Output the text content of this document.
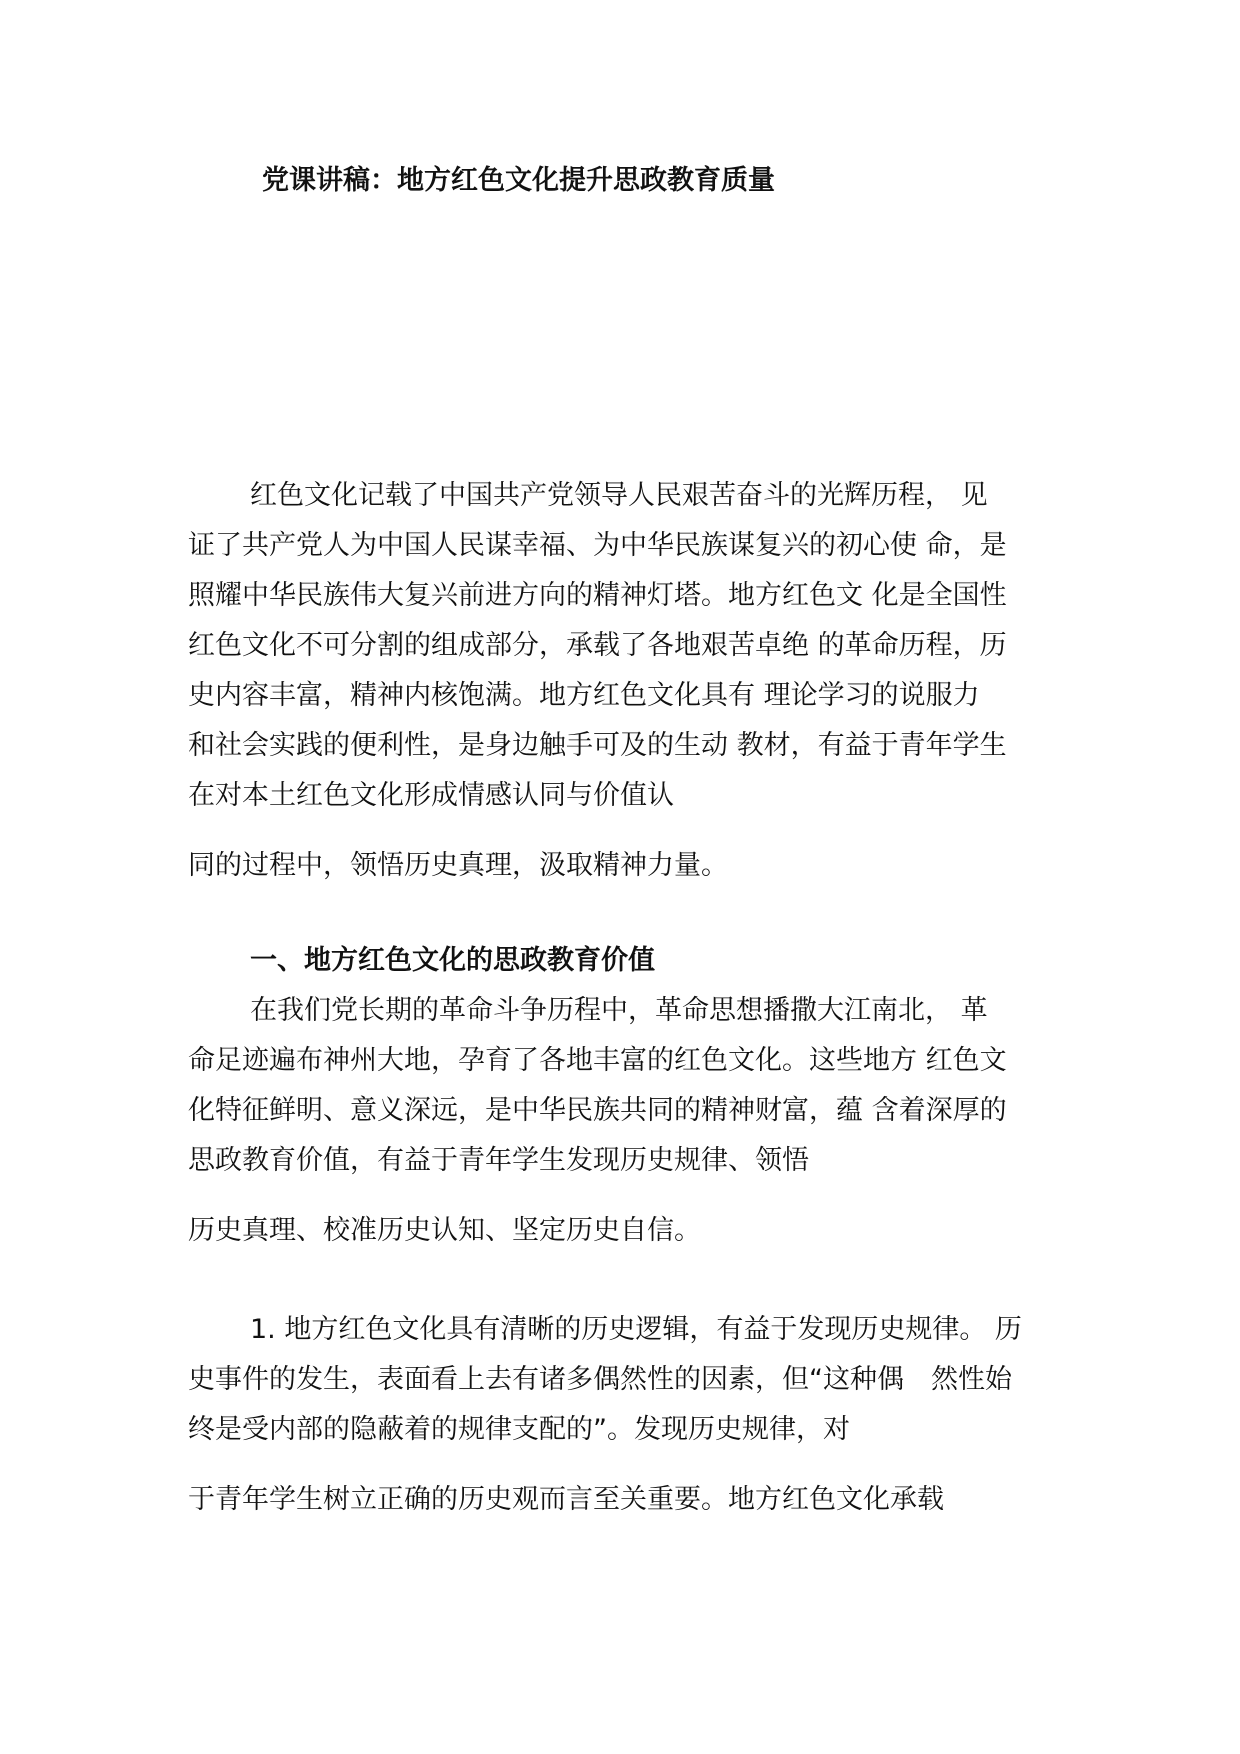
党课讲稿：地方红色文化提升思政教育质量
红色文化记载了中国共产党领导人民艰苦奋斗的光辉历程， 见
证了共产党人为中国人民谋幸福、为中华民族谋复兴的初心使 命，是
照耀中华民族伟大复兴前进方向的精神灯塔。地方红色文 化是全国性
红色文化不可分割的组成部分，承载了各地艰苦卓绝 的革命历程，历
史内容丰富，精神内核饱满。地方红色文化具有 理论学习的说服力
和社会实践的便利性，是身边触手可及的生动 教材，有益于青年学生
在对本土红色文化形成情感认同与价值认
同的过程中，领悟历史真理，汲取精神力量。
一、地方红色文化的思政教育价值
在我们党长期的革命斗争历程中，革命思想播撒大江南北， 革
命足迹遍布神州大地，孕育了各地丰富的红色文化。这些地方 红色文
化特征鲜明、意义深远，是中华民族共同的精神财富，蕴 含着深厚的
思政教育价值，有益于青年学生发现历史规律、领悟
历史真理、校准历史认知、坚定历史自信。
1. 地方红色文化具有清晰的历史逻辑，有益于发现历史规律。 历
史事件的发生，表面看上去有诸多偶然性的因素，但“这种偶　然性始
终是受内部的隐蔽着的规律支配的”。发现历史规律，对
于青年学生树立正确的历史观而言至关重要。地方红色文化承载
